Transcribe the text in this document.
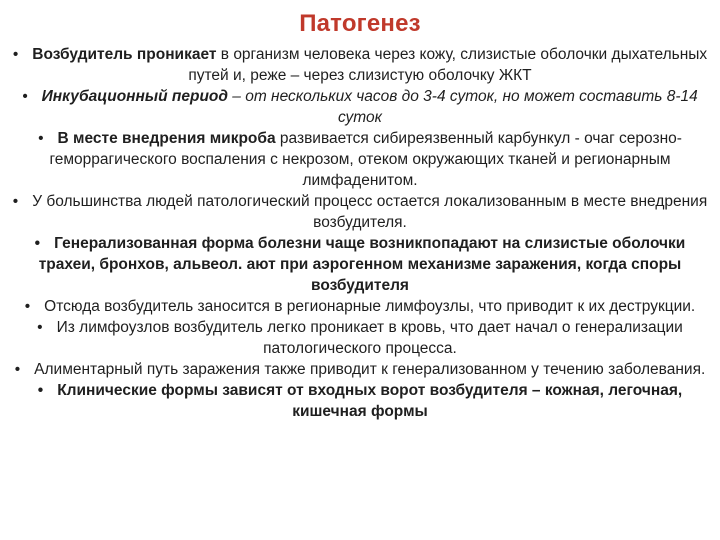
Патогенез
• Возбудитель проникает в организм человека через кожу, слизистые оболочки дыхательных путей и, реже – через слизистую оболочку ЖКТ
• Инкубационный период – от нескольких часов до 3-4 суток, но может составить 8-14 суток
• В месте внедрения микроба развивается сибиреязвенный карбункул - очаг серозно-геморрагического воспаления с некрозом, отеком окружающих тканей и регионарным лимфаденитом.
• У большинства людей патологический процесс остается локализованным в месте внедрения возбудителя.
• Генерализованная форма болезни чаще возникпопадают на слизистые оболочки трахеи, бронхов, альвеол. ают при аэрогенном механизме заражения, когда споры возбудителя
• Отсюда возбудитель заносится в регионарные лимфоузлы, что приводит к их деструкции.
• Из лимфоузлов возбудитель легко проникает в кровь, что дает начал о генерализации патологического процесса.
• Алиментарный путь заражения также приводит к генерализованном у течению заболевания.
• Клинические формы зависят от входных ворот возбудителя – кожная, легочная, кишечная формы
